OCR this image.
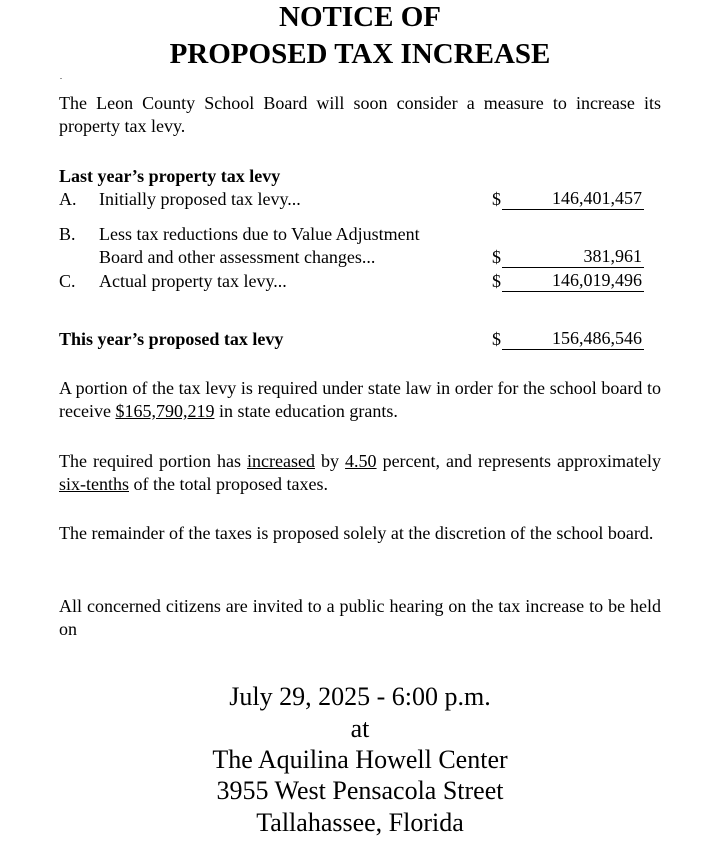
NOTICE OF
PROPOSED TAX INCREASE
The Leon County School Board will soon consider a measure to increase its property tax levy.
Last year’s property tax levy
A. Initially proposed tax levy...	$	146,401,457
B. Less tax reductions due to Value Adjustment
Board and other assessment changes...	$	381,961
C. Actual property tax levy...	$	146,019,496
This year’s proposed tax levy	$	156,486,546
A portion of the tax levy is required under state law in order for the school board to receive $165,790,219 in state education grants.
The required portion has increased by 4.50 percent, and represents approximately six-tenths of the total proposed taxes.
The remainder of the taxes is proposed solely at the discretion of the school board.
All concerned citizens are invited to a public hearing on the tax increase to be held on
July 29, 2025 - 6:00 p.m.
at
The Aquilina Howell Center
3955 West Pensacola Street
Tallahassee, Florida
